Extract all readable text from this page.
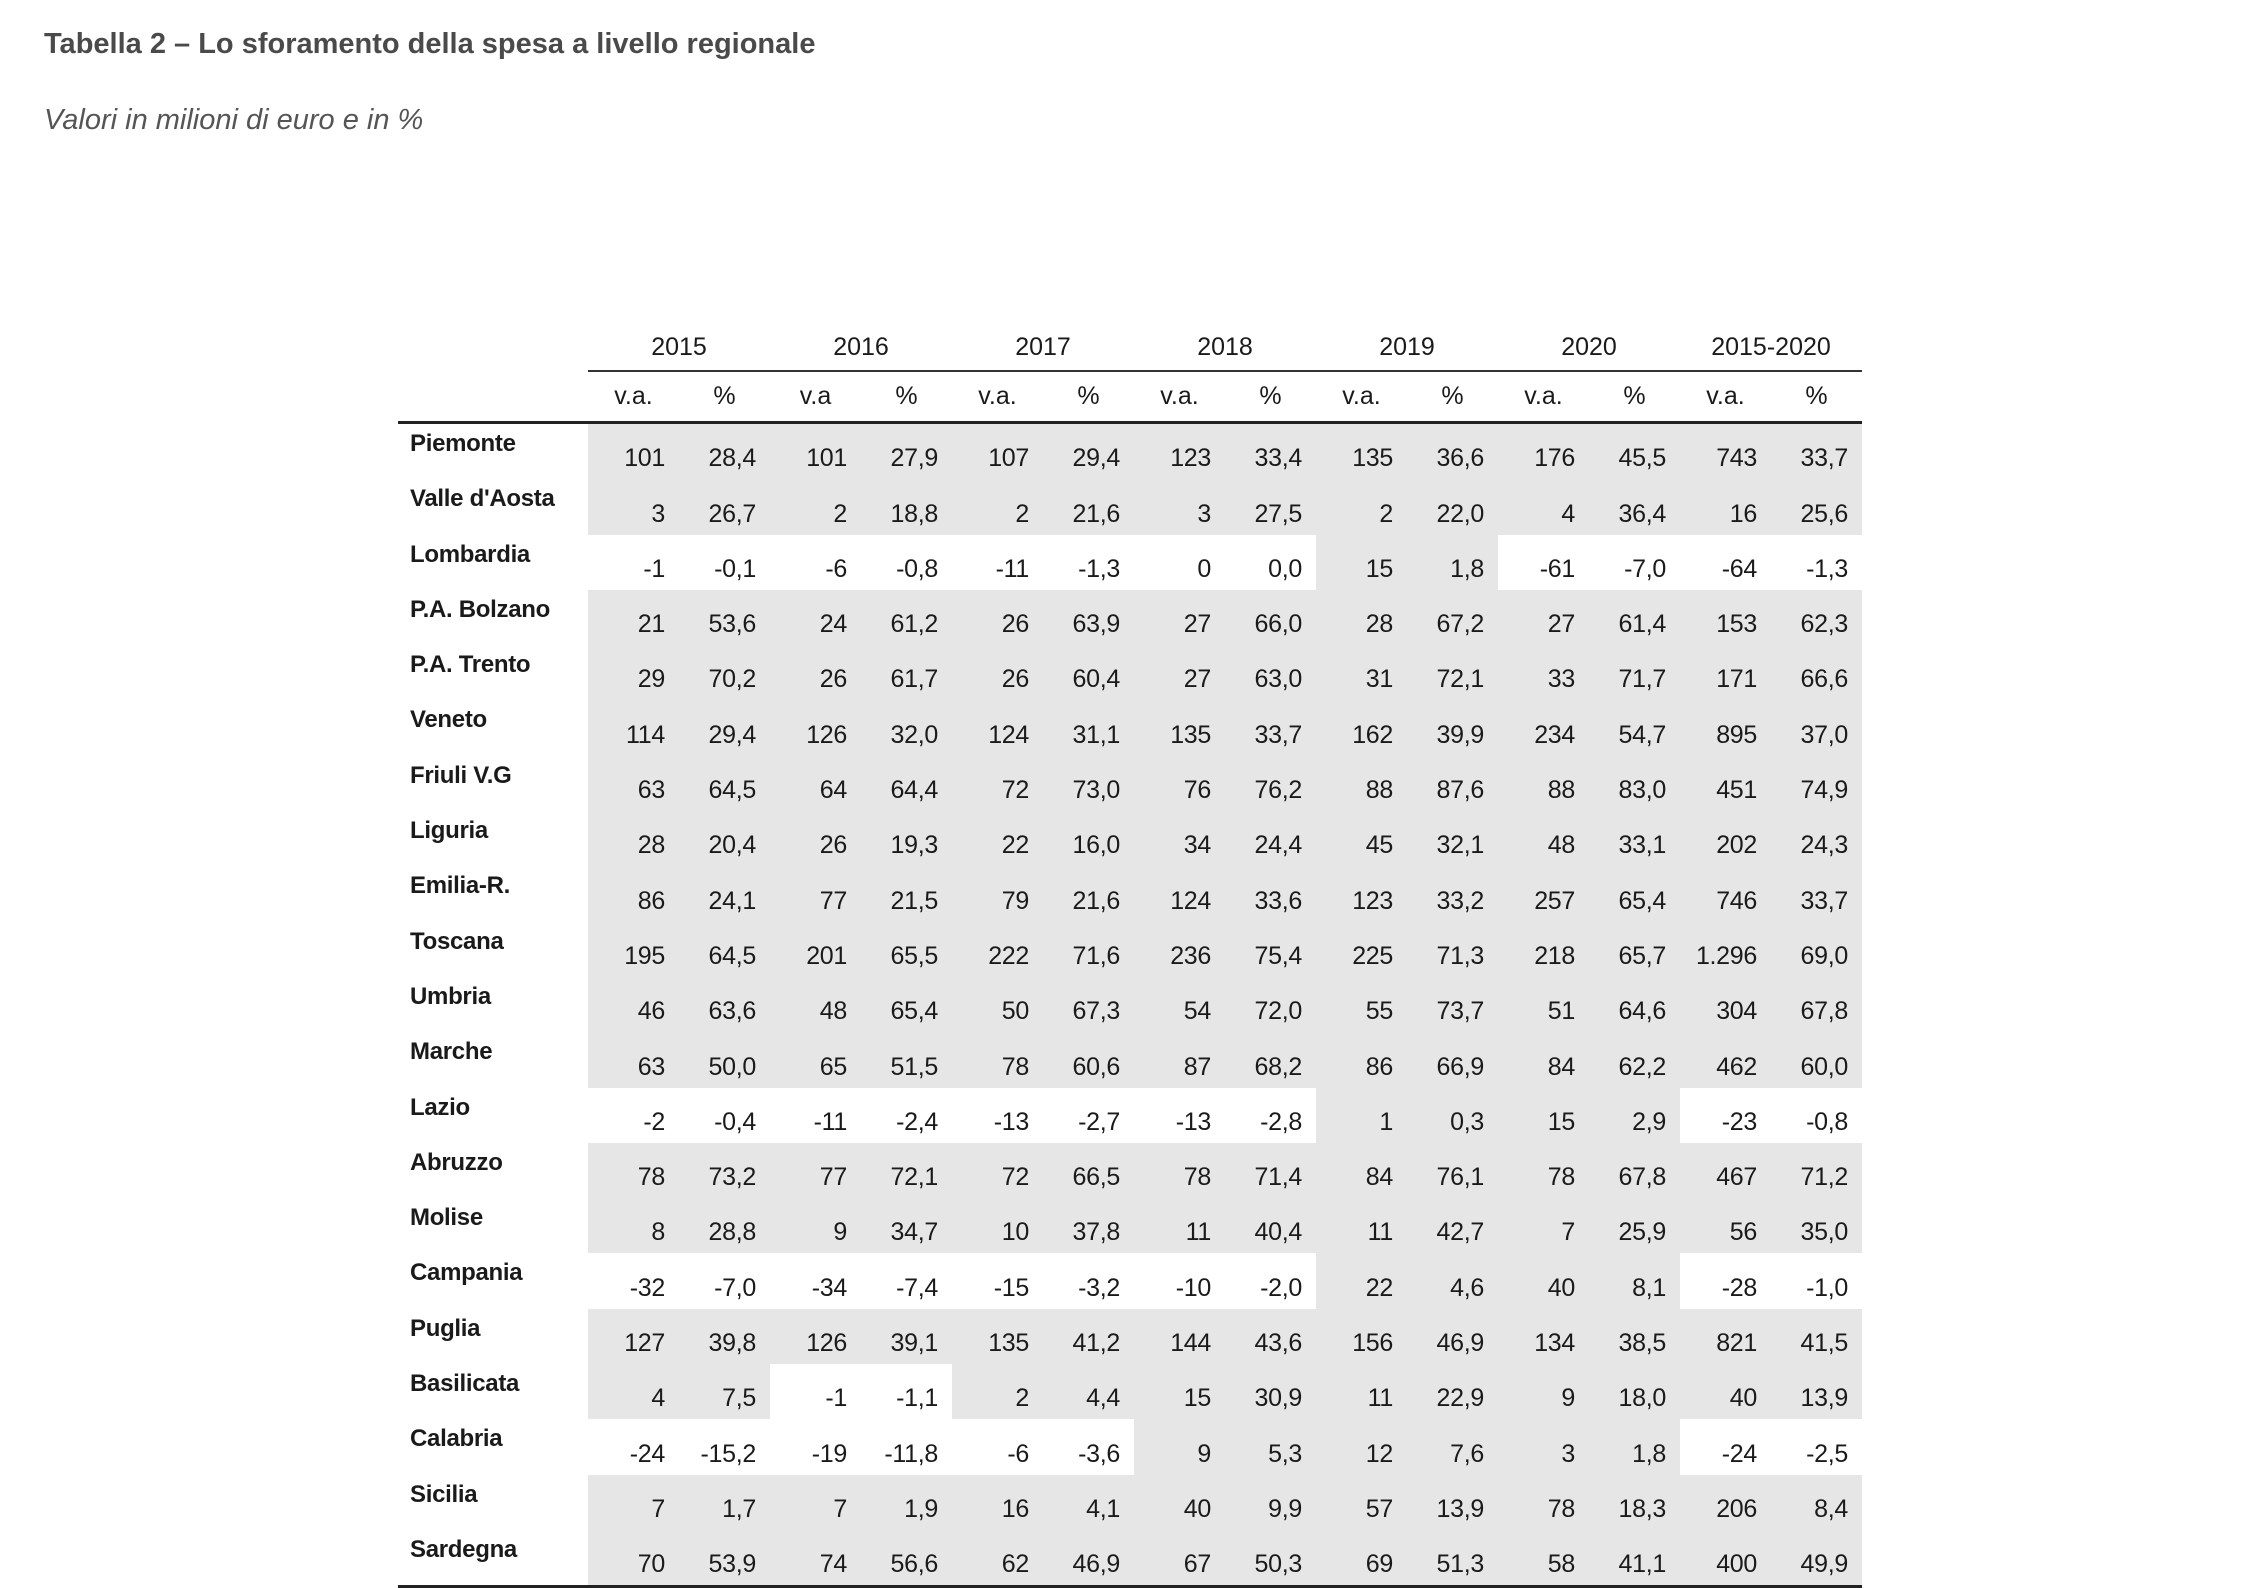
Tabella 2 – Lo sforamento della spesa a livello regionale
Valori in milioni di euro e in %
	2015		2016		2017		2018		2019		2020		2015-2020	
	v.a.	%	v.a	%	v.a.	%	v.a.	%	v.a.	%	v.a.	%	v.a.	%
Piemonte	101	28,4	101	27,9	107	29,4	123	33,4	135	36,6	176	45,5	743	33,7
Valle d'Aosta	3	26,7	2	18,8	2	21,6	3	27,5	2	22,0	4	36,4	16	25,6
Lombardia	-1	-0,1	-6	-0,8	-11	-1,3	0	0,0	15	1,8	-61	-7,0	-64	-1,3
P.A. Bolzano	21	53,6	24	61,2	26	63,9	27	66,0	28	67,2	27	61,4	153	62,3
P.A. Trento	29	70,2	26	61,7	26	60,4	27	63,0	31	72,1	33	71,7	171	66,6
Veneto	114	29,4	126	32,0	124	31,1	135	33,7	162	39,9	234	54,7	895	37,0
Friuli V.G	63	64,5	64	64,4	72	73,0	76	76,2	88	87,6	88	83,0	451	74,9
Liguria	28	20,4	26	19,3	22	16,0	34	24,4	45	32,1	48	33,1	202	24,3
Emilia-R.	86	24,1	77	21,5	79	21,6	124	33,6	123	33,2	257	65,4	746	33,7
Toscana	195	64,5	201	65,5	222	71,6	236	75,4	225	71,3	218	65,7	1.296	69,0
Umbria	46	63,6	48	65,4	50	67,3	54	72,0	55	73,7	51	64,6	304	67,8
Marche	63	50,0	65	51,5	78	60,6	87	68,2	86	66,9	84	62,2	462	60,0
Lazio	-2	-0,4	-11	-2,4	-13	-2,7	-13	-2,8	1	0,3	15	2,9	-23	-0,8
Abruzzo	78	73,2	77	72,1	72	66,5	78	71,4	84	76,1	78	67,8	467	71,2
Molise	8	28,8	9	34,7	10	37,8	11	40,4	11	42,7	7	25,9	56	35,0
Campania	-32	-7,0	-34	-7,4	-15	-3,2	-10	-2,0	22	4,6	40	8,1	-28	-1,0
Puglia	127	39,8	126	39,1	135	41,2	144	43,6	156	46,9	134	38,5	821	41,5
Basilicata	4	7,5	-1	-1,1	2	4,4	15	30,9	11	22,9	9	18,0	40	13,9
Calabria	-24	-15,2	-19	-11,8	-6	-3,6	9	5,3	12	7,6	3	1,8	-24	-2,5
Sicilia	7	1,7	7	1,9	16	4,1	40	9,9	57	13,9	78	18,3	206	8,4
Sardegna	70	53,9	74	56,6	62	46,9	67	50,3	69	51,3	58	41,1	400	49,9
